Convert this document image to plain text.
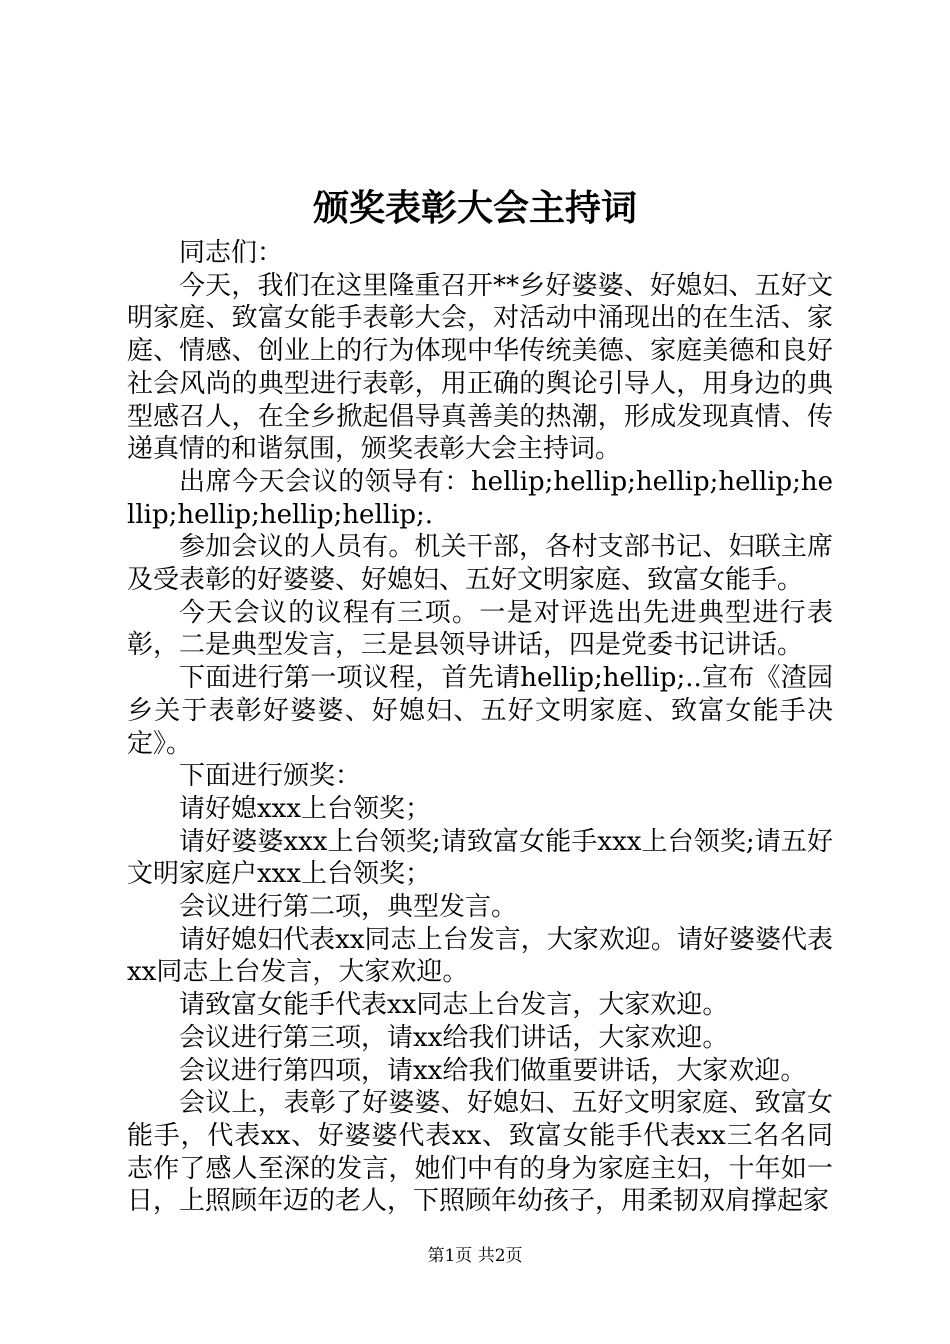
颁奖表彰大会主持词

同志们：

今天，我们在这里隆重召开**乡好婆婆、好媳妇、五好文明家庭、致富女能手表彰大会，对活动中涌现出的在生活、家庭、情感、创业上的行为体现中华传统美德、家庭美德和良好社会风尚的典型进行表彰，用正确的舆论引导人，用身边的典型感召人，在全乡掀起倡导真善美的热潮，形成发现真情、传递真情的和谐氛围，颁奖表彰大会主持词。

出席今天会议的领导有：hellip;hellip;hellip;hellip;hellip;hellip;hellip;hellip;.

参加会议的人员有。机关干部，各村支部书记、妇联主席及受表彰的好婆婆、好媳妇、五好文明家庭、致富女能手。

今天会议的议程有三项。一是对评选出先进典型进行表彰，二是典型发言，三是县领导讲话，四是党委书记讲话。

下面进行第一项议程，首先请hellip;hellip;..宣布《渣园乡关于表彰好婆婆、好媳妇、五好文明家庭、致富女能手决定》。

下面进行颁奖：

请好媳xxx上台领奖；

请好婆婆xxx上台领奖;请致富女能手xxx上台领奖;请五好文明家庭户xxx上台领奖；

会议进行第二项，典型发言。

请好媳妇代表xx同志上台发言，大家欢迎。请好婆婆代表xx同志上台发言，大家欢迎。

请致富女能手代表xx同志上台发言，大家欢迎。

会议进行第三项，请xx给我们讲话，大家欢迎。

会议进行第四项，请xx给我们做重要讲话，大家欢迎。

会议上，表彰了好婆婆、好媳妇、五好文明家庭、致富女能手，代表xx、好婆婆代表xx、致富女能手代表xx三名名同志作了感人至深的发言，她们中有的身为家庭主妇，十年如一日，上照顾年迈的老人，下照顾年幼孩子，用柔韧双肩撑起家

第1页 共2页
